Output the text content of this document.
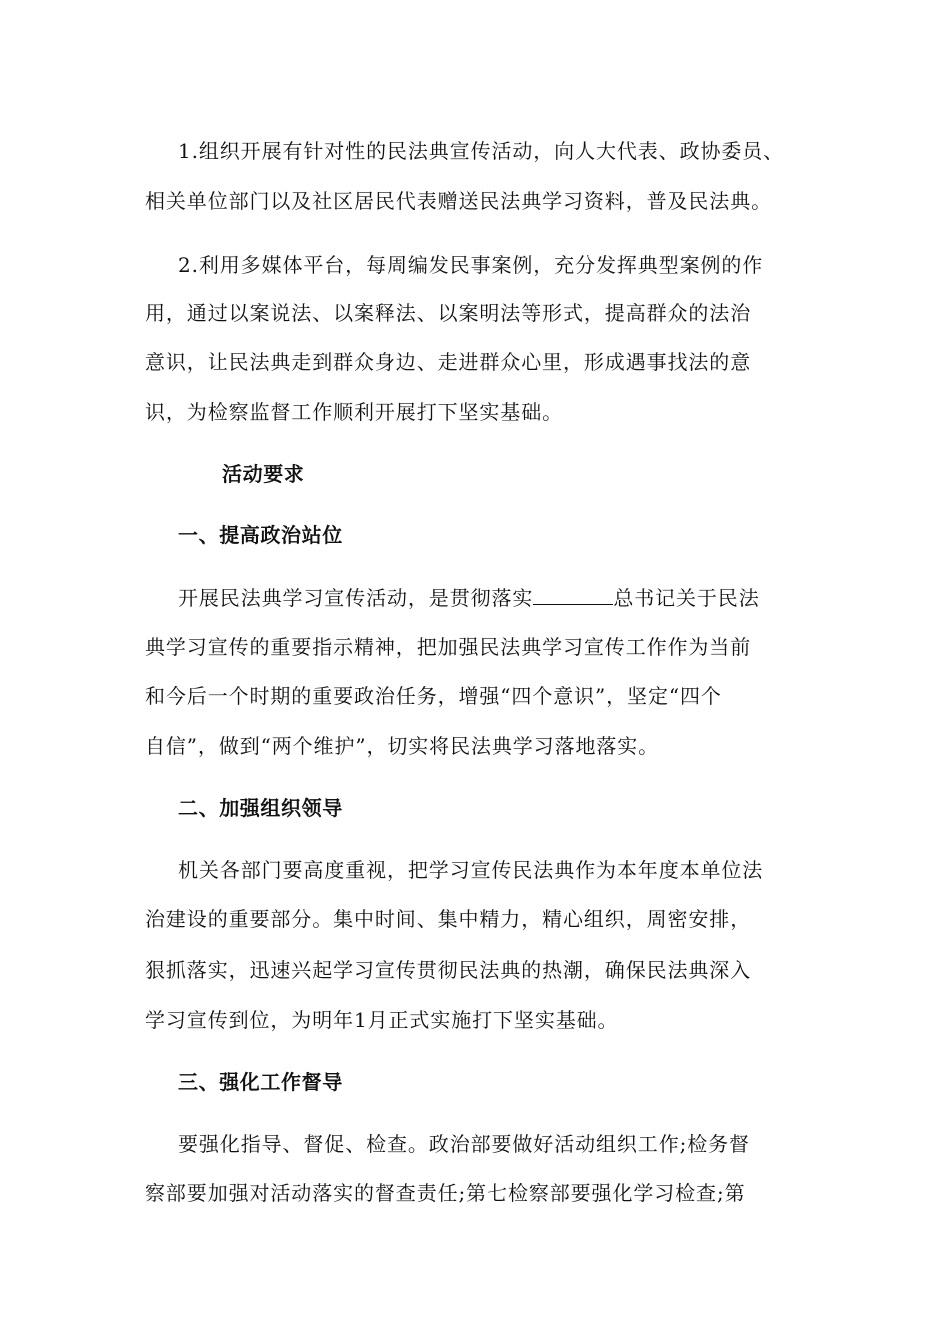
1.组织开展有针对性的民法典宣传活动，向人大代表、政协委员、
相关单位部门以及社区居民代表赠送民法典学习资料，普及民法典。
2.利用多媒体平台，每周编发民事案例，充分发挥典型案例的作
用，通过以案说法、以案释法、以案明法等形式，提高群众的法治
意识，让民法典走到群众身边、走进群众心里，形成遇事找法的意
识，为检察监督工作顺利开展打下坚实基础。
活动要求
一、提高政治站位
开展民法典学习宣传活动，是贯彻落实	总书记关于民法
典学习宣传的重要指示精神，把加强民法典学习宣传工作作为当前
和今后一个时期的重要政治任务，增强“四个意识”，坚定“四个
自信”，做到“两个维护”，切实将民法典学习落地落实。
二、加强组织领导
机关各部门要高度重视，把学习宣传民法典作为本年度本单位法
治建设的重要部分。集中时间、集中精力，精心组织，周密安排，
狠抓落实，迅速兴起学习宣传贯彻民法典的热潮，确保民法典深入
学习宣传到位，为明年1月正式实施打下坚实基础。
三、强化工作督导
要强化指导、督促、检查。政治部要做好活动组织工作;检务督
察部要加强对活动落实的督查责任;第七检察部要强化学习检查;第
